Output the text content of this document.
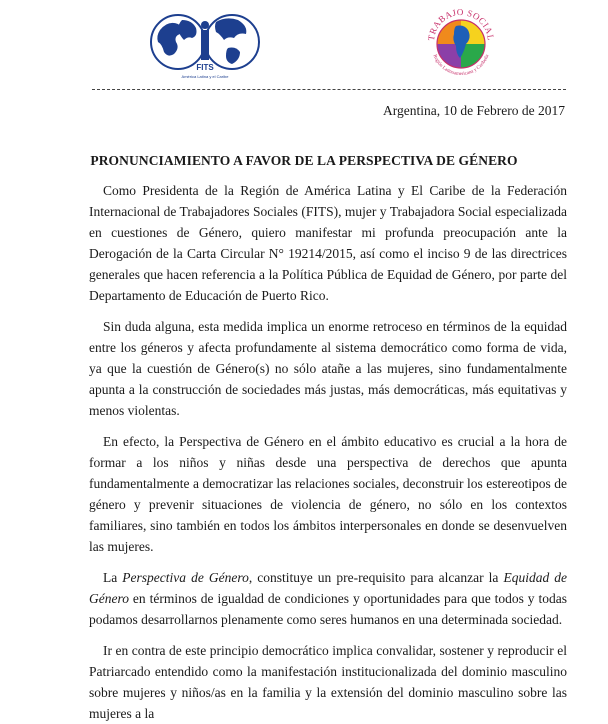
FITS
América Latina y el Caribe
TRABAJO SOCIAL
Región Latinoamericana y Caribeña
Argentina, 10 de Febrero de 2017
PRONUNCIAMIENTO A FAVOR DE LA PERSPECTIVA DE GÉNERO

Como Presidenta de la Región de América Latina y El Caribe de la Federación Internacional de Trabajadores Sociales (FITS), mujer y Trabajadora Social especializada en cuestiones de Género, quiero manifestar mi profunda preocupación ante la Derogación de la Carta Circular N° 19214/2015, así como el inciso 9 de las directrices generales que hacen referencia a la Política Pública de Equidad de Género, por parte del Departamento de Educación de Puerto Rico.

Sin duda alguna, esta medida implica un enorme retroceso en términos de la equidad entre los géneros y afecta profundamente al sistema democrático como forma de vida, ya que la cuestión de Género(s) no sólo atañe a las mujeres, sino fundamentalmente apunta a la construcción de sociedades más justas, más democráticas, más equitativas y menos violentas.

En efecto, la Perspectiva de Género en el ámbito educativo es crucial a la hora de formar a los niños y niñas desde una perspectiva de derechos que apunta fundamentalmente a democratizar las relaciones sociales, deconstruir los estereotipos de género y prevenir situaciones de violencia de género, no sólo en los contextos familiares, sino también en todos los ámbitos interpersonales en donde se desenvuelven las mujeres.

La Perspectiva de Género, constituye un pre-requisito para alcanzar la Equidad de Género en términos de igualdad de condiciones y oportunidades para que todos y todas podamos desarrollarnos plenamente como seres humanos en una determinada sociedad.

Ir en contra de este principio democrático implica convalidar, sostener y reproducir el Patriarcado entendido como la manifestación institucionalizada del dominio masculino sobre mujeres y niños/as en la familia y la extensión del dominio masculino sobre las mujeres a la
